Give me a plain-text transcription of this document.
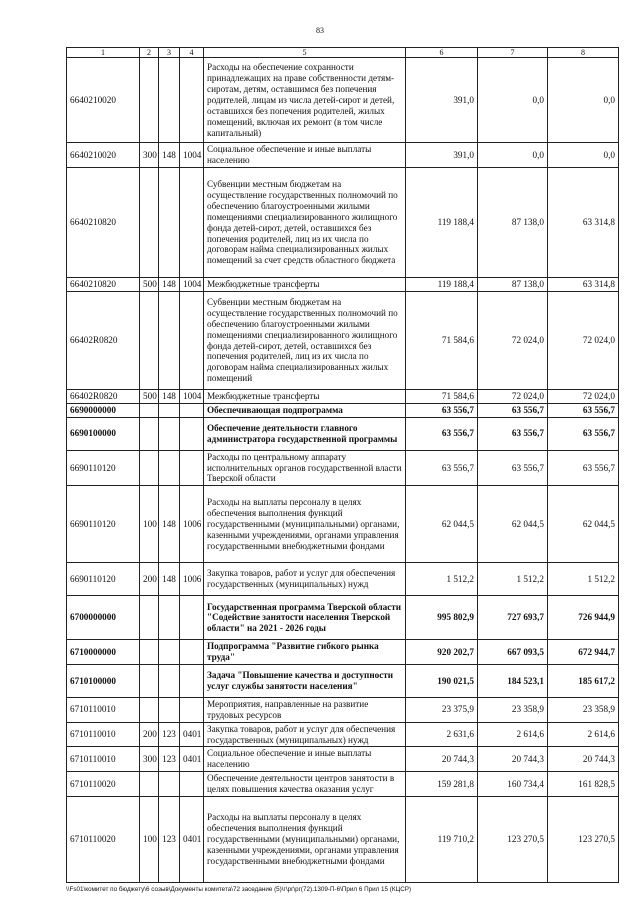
83
1	2	3	4	5	6	7	8
6640210020				Расходы на обеспечение сохранности принадлежащих на праве собственности детям-сиротам, детям, оставшимся без попечения родителей, лицам из числа детей-сирот и детей, оставшихся без попечения родителей, жилых помещений, включая их ремонт (в том числе капитальный)	391,0	0,0	0,0
6640210020	300	148	1004	Социальное обеспечение и иные выплаты населению	391,0	0,0	0,0
6640210820				Субвенции местным бюджетам на осуществление государственных полномочий по обеспечению благоустроенными жилыми помещениями специализированного жилищного фонда детей-сирот, детей, оставшихся без попечения родителей, лиц из их числа по договорам найма специализированных жилых помещений за счет средств областного бюджета	119 188,4	87 138,0	63 314,8
6640210820	500	148	1004	Межбюджетные трансферты	119 188,4	87 138,0	63 314,8
66402R0820				Субвенции местным бюджетам на осуществление государственных полномочий по обеспечению благоустроенными жилыми помещениями специализированного жилищного фонда детей-сирот, детей, оставшихся без попечения родителей, лиц из их числа по договорам найма специализированных жилых помещений	71 584,6	72 024,0	72 024,0
66402R0820	500	148	1004	Межбюджетные трансферты	71 584,6	72 024,0	72 024,0
6690000000				Обеспечивающая подпрограмма	63 556,7	63 556,7	63 556,7
6690100000				Обеспечение деятельности главного администратора государственной программы	63 556,7	63 556,7	63 556,7
6690110120				Расходы по центральному аппарату исполнительных органов государственной власти Тверской области	63 556,7	63 556,7	63 556,7
6690110120	100	148	1006	Расходы на выплаты персоналу в целях обеспечения выполнения функций государственными (муниципальными) органами, казенными учреждениями, органами управления государственными внебюджетными фондами	62 044,5	62 044,5	62 044,5
6690110120	200	148	1006	Закупка товаров, работ и услуг для обеспечения государственных (муниципальных) нужд	1 512,2	1 512,2	1 512,2
6700000000				Государственная программа Тверской области "Содействие занятости населения Тверской области" на 2021 - 2026 годы	995 802,9	727 693,7	726 944,9
6710000000				Подпрограмма "Развитие гибкого рынка труда"	920 202,7	667 093,5	672 944,7
6710100000				Задача "Повышение качества и доступности услуг службы занятости населения"	190 021,5	184 523,1	185 617,2
6710110010				Мероприятия, направленные на развитие трудовых ресурсов	23 375,9	23 358,9	23 358,9
6710110010	200	123	0401	Закупка товаров, работ и услуг для обеспечения государственных (муниципальных) нужд	2 631,6	2 614,6	2 614,6
6710110010	300	123	0401	Социальное обеспечение и иные выплаты населению	20 744,3	20 744,3	20 744,3
6710110020				Обеспечение деятельности центров занятости в целях повышения качества оказания услуг	159 281,8	160 734,4	161 828,5
6710110020	100	123	0401	Расходы на выплаты персоналу в целях обеспечения выполнения функций государственными (муниципальными) органами, казенными учреждениями, органами управления государственными внебюджетными фондами	119 710,2	123 270,5	123 270,5
\\Fs01\комитет по бюджету\6 созыв\Документы комитета\72 заседание (5)\г\рг\рг(72).1309-П-6\Прил 6 Прил 15 (КЦСР)
